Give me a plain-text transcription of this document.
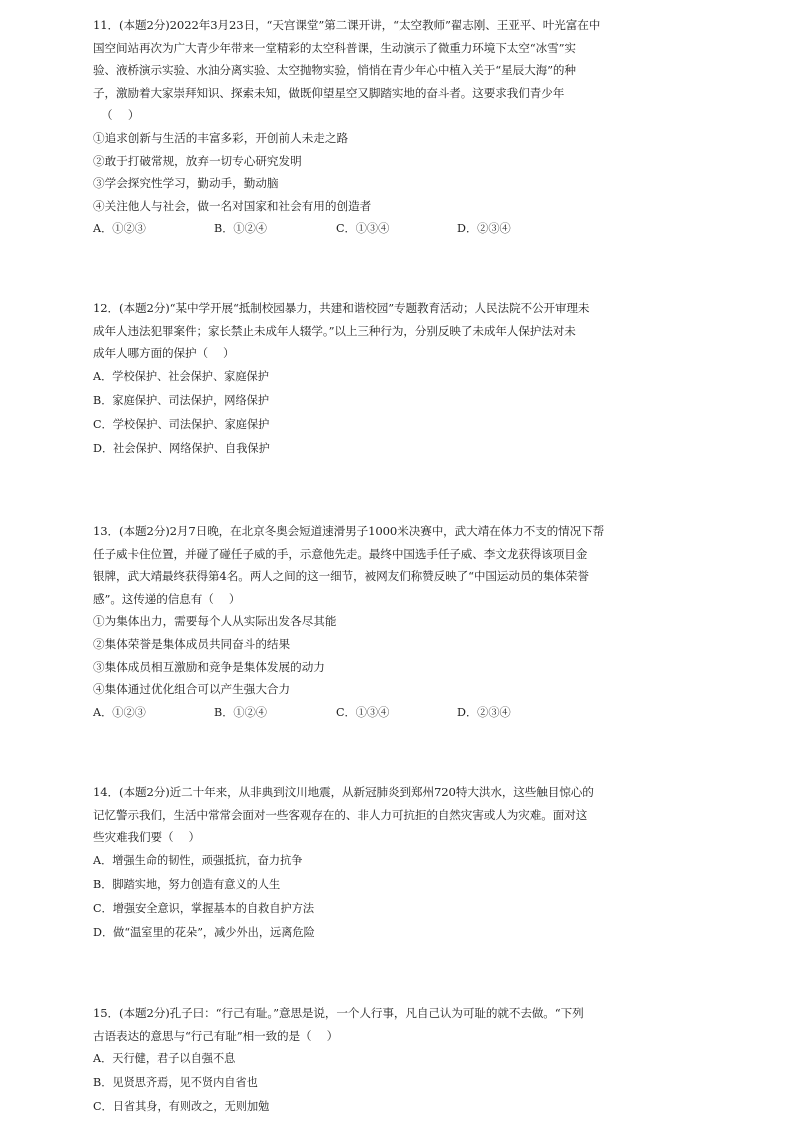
11．(本题2分)2022年3月23日，“天宫课堂”第二课开讲，“太空教师”翟志刚、王亚平、叶光富在中
国空间站再次为广大青少年带来一堂精彩的太空科普课，生动演示了微重力环境下太空“冰雪”实
验、液桥演示实验、水油分离实验、太空抛物实验，悄悄在青少年心中植入关于“星辰大海”的种
子，激励着大家崇拜知识、探索未知，做既仰望星空又脚踏实地的奋斗者。这要求我们青少年
（　 ）
①追求创新与生活的丰富多彩，开创前人未走之路
②敢于打破常规，放弃一切专心研究发明
③学会探究性学习，勤动手，勤动脑
④关注他人与社会，做一名对国家和社会有用的创造者
A．①②③	B．①②④	C．①③④	D．②③④
12．(本题2分)“某中学开展“抵制校园暴力，共建和谐校园”专题教育活动；人民法院不公开审理未
成年人违法犯罪案件；家长禁止未成年人辍学。”以上三种行为，分别反映了未成年人保护法对未
成年人哪方面的保护（　 ）
A．学校保护、社会保护、家庭保护
B．家庭保护、司法保护，网络保护
C．学校保护、司法保护、家庭保护
D．社会保护、网络保护、自我保护
13．(本题2分)2月7日晚，在北京冬奥会短道速滑男子1000米决赛中，武大靖在体力不支的情况下帮
任子威卡住位置，并碰了碰任子威的手，示意他先走。最终中国选手任子威、李文龙获得该项目金
银牌，武大靖最终获得第4名。两人之间的这一细节，被网友们称赞反映了“中国运动员的集体荣誉
感”。这传递的信息有（　 ）
①为集体出力，需要每个人从实际出发各尽其能
②集体荣誉是集体成员共同奋斗的结果
③集体成员相互激励和竞争是集体发展的动力
④集体通过优化组合可以产生强大合力
A．①②③	B．①②④	C．①③④	D．②③④
14．(本题2分)近二十年来，从非典到汶川地震，从新冠肺炎到郑州720特大洪水，这些触目惊心的
记忆警示我们，生活中常常会面对一些客观存在的、非人力可抗拒的自然灾害或人为灾难。面对这
些灾难我们要（　 ）
A．增强生命的韧性，顽强抵抗，奋力抗争
B．脚踏实地，努力创造有意义的人生
C．增强安全意识，掌握基本的自救自护方法
D．做“温室里的花朵”，减少外出，远离危险
15．(本题2分)孔子曰：“行己有耻。”意思是说，一个人行事，凡自己认为可耻的就不去做。“下列
古语表达的意思与“行己有耻”相一致的是（　 ）
A．天行健，君子以自强不息
B．见贤思齐焉，见不贤内自省也
C．日省其身，有则改之，无则加勉
